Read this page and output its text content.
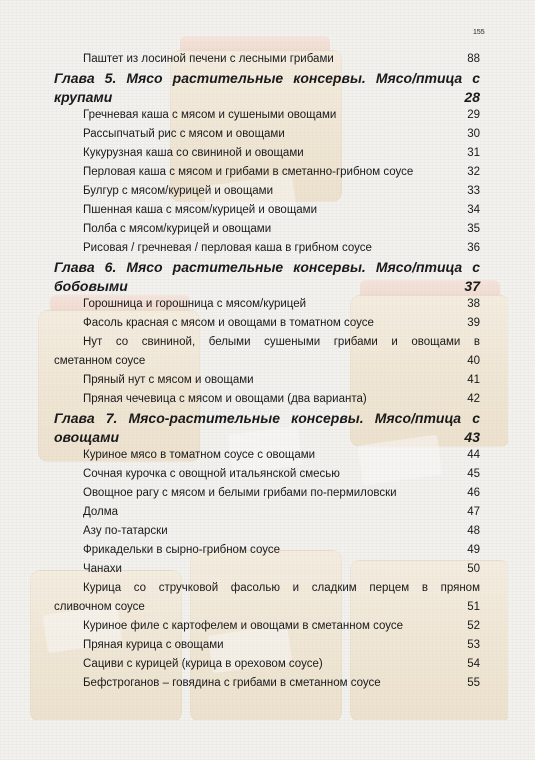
155
Паштет из лосиной печени с лесными грибами	88
Глава 5. Мясо растительные консервы. Мясо/птица с
крупами	28
Гречневая каша с мясом и сушеными овощами	29
Рассыпчатый рис с мясом и овощами	30
Кукурузная каша со свининой и овощами	31
Перловая каша с мясом и грибами в сметанно-грибном соусе	32
Булгур с мясом/курицей и овощами	33
Пшенная каша с мясом/курицей и овощами	34
Полба с мясом/курицей и овощами	35
Рисовая / гречневая / перловая каша в грибном соусе	36
Глава 6. Мясо растительные консервы. Мясо/птица с
бобовыми	37
Горошница и горошница с мясом/курицей	38
Фасоль красная с мясом и овощами в томатном соусе	39
Нут со свининой, белыми сушеными грибами и овощами в
сметанном соусе	40
Пряный нут с мясом и овощами	41
Пряная чечевица с мясом и овощами (два варианта)	42
Глава 7. Мясо-растительные консервы. Мясо/птица с
овощами	43
Куриное мясо в томатном соусе с овощами	44
Сочная курочка с овощной итальянской смесью	45
Овощное рагу с мясом и белыми грибами по-пермиловски	46
Долма	47
Азу по-татарски	48
Фрикадельки в сырно-грибном соусе	49
Чанахи	50
Курица со стручковой фасолью и сладким перцем в пряном
сливочном соусе	51
Куриное филе с картофелем и овощами в сметанном соусе	52
Пряная курица с овощами	53
Сациви с курицей (курица в ореховом соусе)	54
Бефстроганов – говядина с грибами в сметанном соусе	55
